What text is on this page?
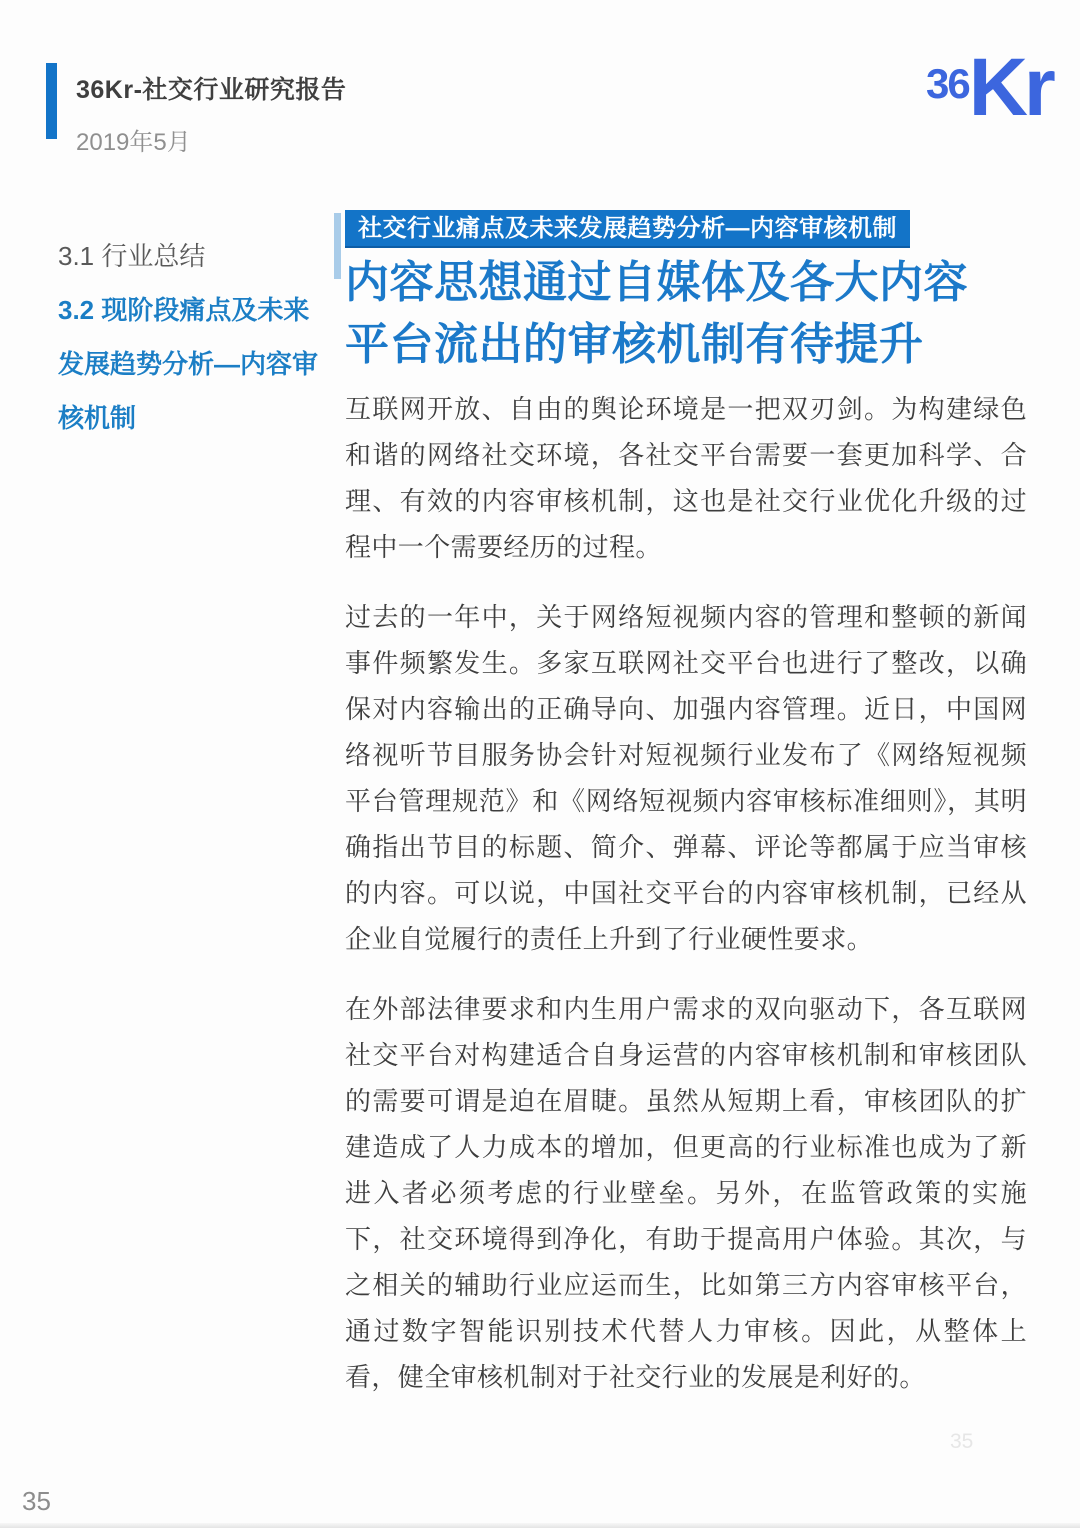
36Kr-社交行业研究报告
2019年5月
36 Kr
3.1 行业总结
3.2 现阶段痛点及未来
发展趋势分析—内容审
核机制
社交行业痛点及未来发展趋势分析—内容审核机制
内容思想通过自媒体及各大内容
平台流出的审核机制有待提升

互联网开放、自由的舆论环境是一把双刃剑。为构建绿色和谐的网络社交环境，各社交平台需要一套更加科学、合理、有效的内容审核机制，这也是社交行业优化升级的过程中一个需要经历的过程。

过去的一年中，关于网络短视频内容的管理和整顿的新闻事件频繁发生。多家互联网社交平台也进行了整改，以确保对内容输出的正确导向、加强内容管理。近日，中国网络视听节目服务协会针对短视频行业发布了《网络短视频平台管理规范》和《网络短视频内容审核标准细则》，其明确指出节目的标题、简介、弹幕、评论等都属于应当审核的内容。可以说，中国社交平台的内容审核机制，已经从企业自觉履行的责任上升到了行业硬性要求。

在外部法律要求和内生用户需求的双向驱动下，各互联网社交平台对构建适合自身运营的内容审核机制和审核团队的需要可谓是迫在眉睫。虽然从短期上看，审核团队的扩建造成了人力成本的增加，但更高的行业标准也成为了新进入者必须考虑的行业壁垒。另外，在监管政策的实施下，社交环境得到净化，有助于提高用户体验。其次，与之相关的辅助行业应运而生，比如第三方内容审核平台，通过数字智能识别技术代替人力审核。因此，从整体上看，健全审核机制对于社交行业的发展是利好的。

35
35
